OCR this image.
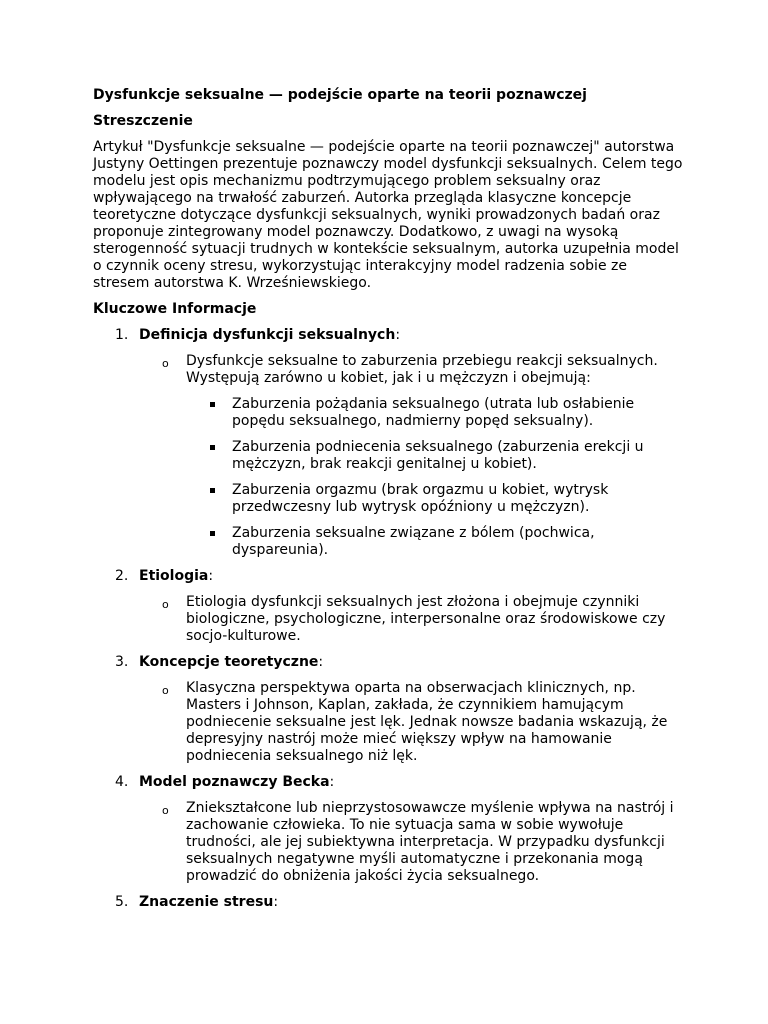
Dysfunkcje seksualne — podejście oparte na teorii poznawczej

Streszczenie

Artykuł "Dysfunkcje seksualne — podejście oparte na teorii poznawczej" autorstwa Justyny Oettingen prezentuje poznawczy model dysfunkcji seksualnych. Celem tego modelu jest opis mechanizmu podtrzymującego problem seksualny oraz wpływającego na trwałość zaburzeń. Autorka przegląda klasyczne koncepcje teoretyczne dotyczące dysfunkcji seksualnych, wyniki prowadzonych badań oraz proponuje zintegrowany model poznawczy. Dodatkowo, z uwagi na wysoką sterogenność sytuacji trudnych w kontekście seksualnym, autorka uzupełnia model o czynnik oceny stresu, wykorzystując interakcyjny model radzenia sobie ze stresem autorstwa K. Wrześniewskiego.

Kluczowe Informacje

1. Definicja dysfunkcji seksualnych:
o Dysfunkcje seksualne to zaburzenia przebiegu reakcji seksualnych. Występują zarówno u kobiet, jak i u mężczyzn i obejmują:
Zaburzenia pożądania seksualnego (utrata lub osłabienie popędu seksualnego, nadmierny popęd seksualny).
Zaburzenia podniecenia seksualnego (zaburzenia erekcji u mężczyzn, brak reakcji genitalnej u kobiet).
Zaburzenia orgazmu (brak orgazmu u kobiet, wytrysk przedwczesny lub wytrysk opóźniony u mężczyzn).
Zaburzenia seksualne związane z bólem (pochwica, dyspareunia).
2. Etiologia:
o Etiologia dysfunkcji seksualnych jest złożona i obejmuje czynniki biologiczne, psychologiczne, interpersonalne oraz środowiskowe czy socjo-kulturowe.
3. Koncepcje teoretyczne:
o Klasyczna perspektywa oparta na obserwacjach klinicznych, np. Masters i Johnson, Kaplan, zakłada, że czynnikiem hamującym podniecenie seksualne jest lęk. Jednak nowsze badania wskazują, że depresyjny nastrój może mieć większy wpływ na hamowanie podniecenia seksualnego niż lęk.
4. Model poznawczy Becka:
o Zniekształcone lub nieprzystosowawcze myślenie wpływa na nastrój i zachowanie człowieka. To nie sytuacja sama w sobie wywołuje trudności, ale jej subiektywna interpretacja. W przypadku dysfunkcji seksualnych negatywne myśli automatyczne i przekonania mogą prowadzić do obniżenia jakości życia seksualnego.
5. Znaczenie stresu:
